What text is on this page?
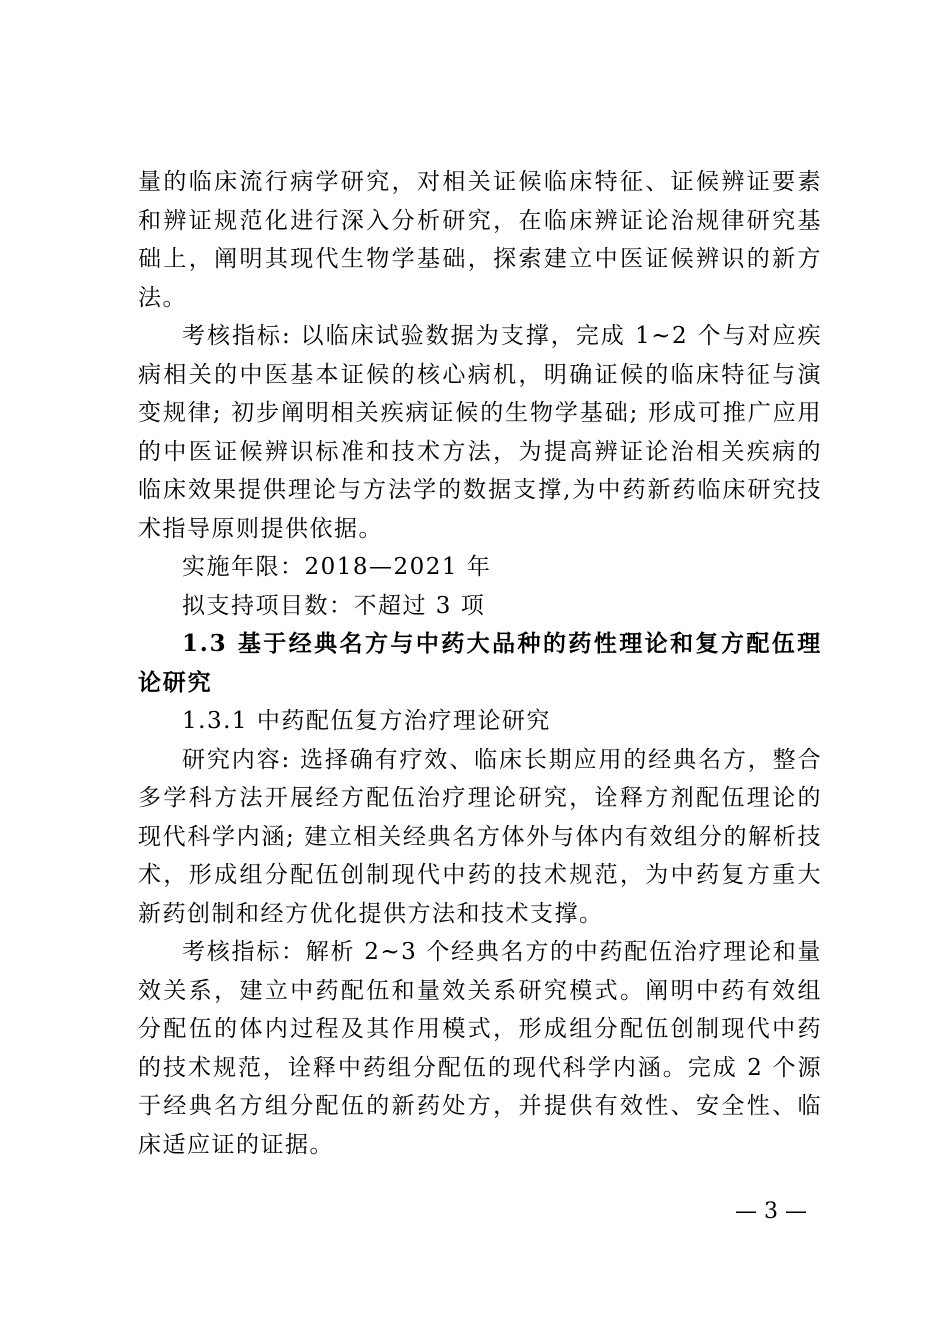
量的临床流行病学研究，对相关证候临床特征、证候辨证要素和辨证规范化进行深入分析研究，在临床辨证论治规律研究基础上，阐明其现代生物学基础，探索建立中医证候辨识的新方法。

考核指标: 以临床试验数据为支撑，完成 1~2 个与对应疾病相关的中医基本证候的核心病机，明确证候的临床特征与演变规律; 初步阐明相关疾病证候的生物学基础; 形成可推广应用的中医证候辨识标准和技术方法，为提高辨证论治相关疾病的临床效果提供理论与方法学的数据支撑,为中药新药临床研究技术指导原则提供依据。

实施年限：2018—2021 年

拟支持项目数：不超过 3 项

1.3 基于经典名方与中药大品种的药性理论和复方配伍理论研究

1.3.1 中药配伍复方治疗理论研究

研究内容: 选择确有疗效、临床长期应用的经典名方，整合多学科方法开展经方配伍治疗理论研究，诠释方剂配伍理论的现代科学内涵; 建立相关经典名方体外与体内有效组分的解析技术，形成组分配伍创制现代中药的技术规范，为中药复方重大新药创制和经方优化提供方法和技术支撑。

考核指标：解析 2~3 个经典名方的中药配伍治疗理论和量效关系，建立中药配伍和量效关系研究模式。阐明中药有效组分配伍的体内过程及其作用模式，形成组分配伍创制现代中药的技术规范，诠释中药组分配伍的现代科学内涵。完成 2 个源于经典名方组分配伍的新药处方，并提供有效性、安全性、临床适应证的证据。

— 3 —
